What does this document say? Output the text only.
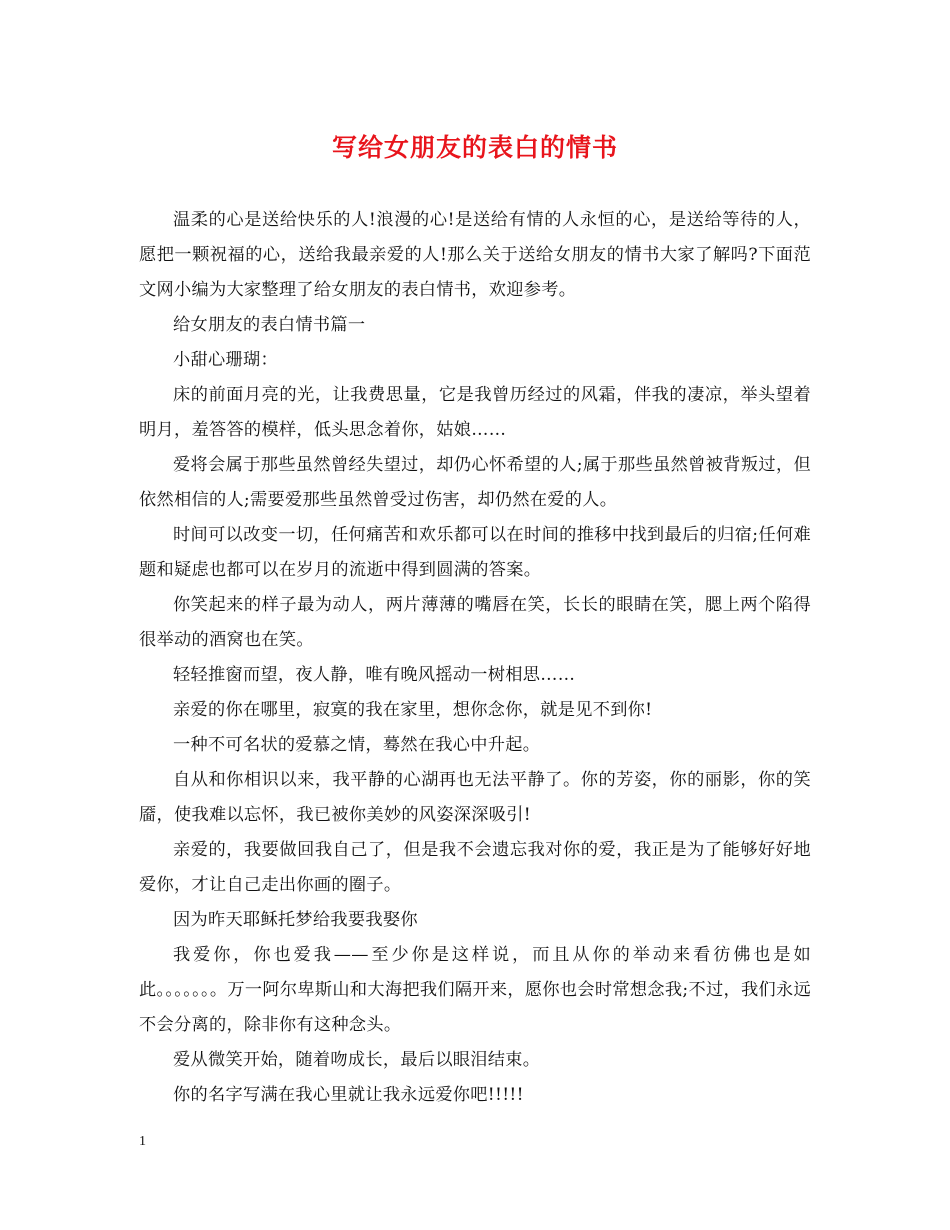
写给女朋友的表白的情书

温柔的心是送给快乐的人!浪漫的心!是送给有情的人永恒的心，是送给等待的人，愿把一颗祝福的心，送给我最亲爱的人!那么关于送给女朋友的情书大家了解吗?下面范文网小编为大家整理了给女朋友的表白情书，欢迎参考。

给女朋友的表白情书篇一

小甜心珊瑚：

床的前面月亮的光，让我费思量，它是我曾历经过的风霜，伴我的凄凉，举头望着明月，羞答答的模样，低头思念着你，姑娘……

爱将会属于那些虽然曾经失望过，却仍心怀希望的人;属于那些虽然曾被背叛过，但依然相信的人;需要爱那些虽然曾受过伤害，却仍然在爱的人。

时间可以改变一切，任何痛苦和欢乐都可以在时间的推移中找到最后的归宿;任何难题和疑虑也都可以在岁月的流逝中得到圆满的答案。

你笑起来的样子最为动人，两片薄薄的嘴唇在笑，长长的眼睛在笑，腮上两个陷得很举动的酒窝也在笑。

轻轻推窗而望，夜人静，唯有晚风摇动一树相思……

亲爱的你在哪里，寂寞的我在家里，想你念你，就是见不到你!

一种不可名状的爱慕之情，蓦然在我心中升起。

自从和你相识以来，我平静的心湖再也无法平静了。你的芳姿，你的丽影，你的笑靥，使我难以忘怀，我已被你美妙的风姿深深吸引!

亲爱的，我要做回我自己了，但是我不会遗忘我对你的爱，我正是为了能够好好地爱你，才让自己走出你画的圈子。

因为昨天耶稣托梦给我要我娶你

我爱你，你也爱我——至少你是这样说，而且从你的举动来看彷佛也是如此。。。。。。。万一阿尔卑斯山和大海把我们隔开来，愿你也会时常想念我;不过，我们永远不会分离的，除非你有这种念头。

爱从微笑开始，随着吻成长，最后以眼泪结束。

你的名字写满在我心里就让我永远爱你吧!!!!!

1
